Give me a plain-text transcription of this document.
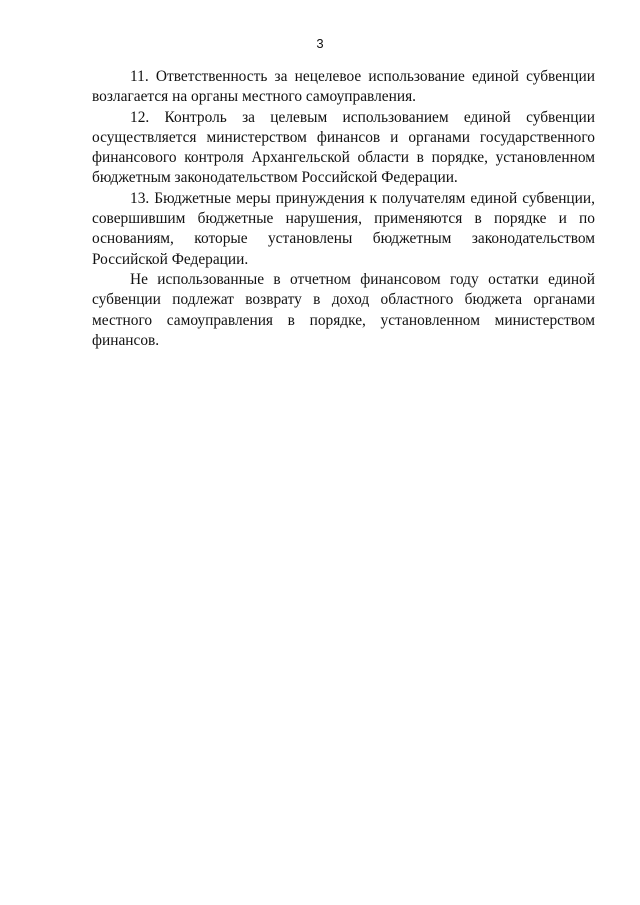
3

11. Ответственность за нецелевое использование единой субвенции возлагается на органы местного самоуправления.

12. Контроль за целевым использованием единой субвенции осуществляется министерством финансов и органами государственного финансового контроля Архангельской области в порядке, установленном бюджетным законодательством Российской Федерации.

13. Бюджетные меры принуждения к получателям единой субвенции, совершившим бюджетные нарушения, применяются в порядке и по основаниям, которые установлены бюджетным законодательством Российской Федерации.

Не использованные в отчетном финансовом году остатки единой субвенции подлежат возврату в доход областного бюджета органами местного самоуправления в порядке, установленном министерством финансов.
